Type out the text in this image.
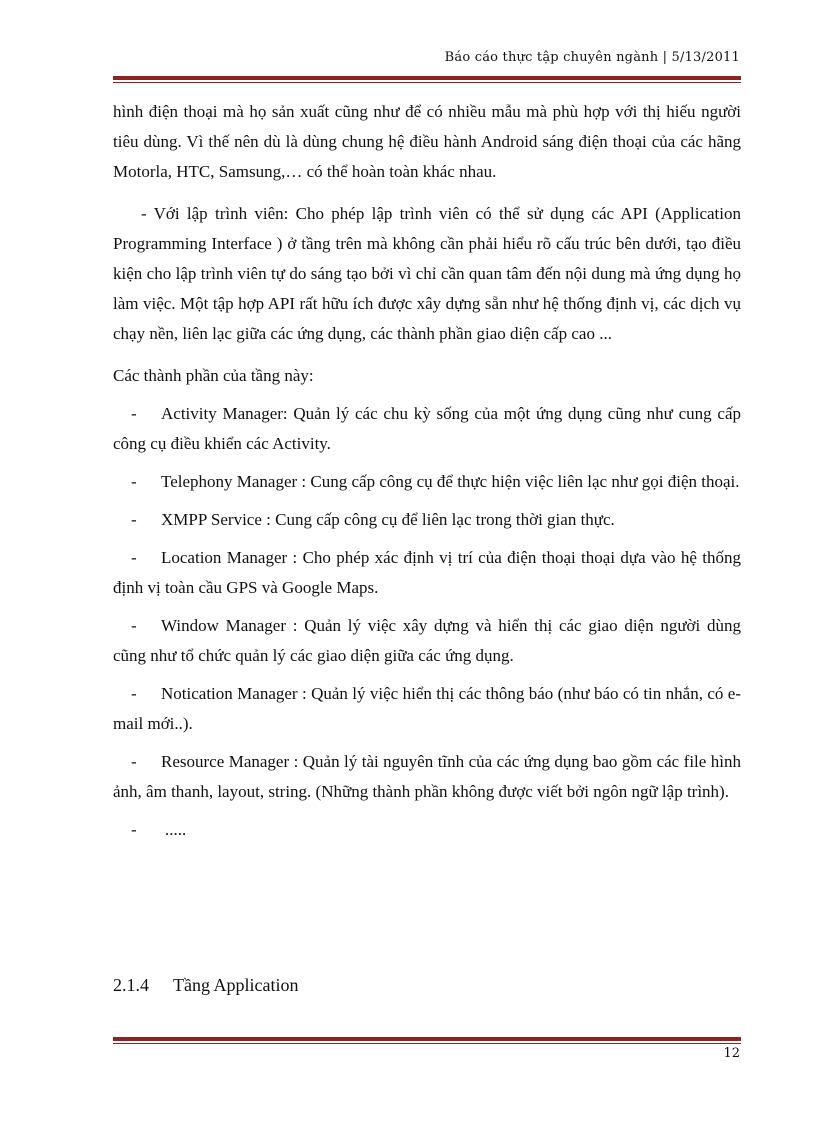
Báo cáo thực tập chuyên ngành | 5/13/2011

hình điện thoại mà họ sản xuất cũng như để có nhiều mẫu mà phù hợp với thị hiếu người tiêu dùng. Vì thế nên dù là dùng chung hệ điều hành Android sáng điện thoại của các hãng Motorla, HTC, Samsung,… có thể hoàn toàn khác nhau.

- Với lập trình viên: Cho phép lập trình viên có thể sử dụng các API (Application Programming Interface ) ở tầng trên mà không cần phải hiểu rõ cấu trúc bên dưới, tạo điều kiện cho lập trình viên tự do sáng tạo bởi vì chỉ cần quan tâm đến nội dung mà ứng dụng họ làm việc. Một tập hợp API rất hữu ích được xây dựng sẵn như hệ thống định vị, các dịch vụ chạy nền, liên lạc giữa các ứng dụng, các thành phần giao diện cấp cao ...

Các thành phần của tầng này:

- Activity Manager: Quản lý các chu kỳ sống của một ứng dụng cũng như cung cấp công cụ điều khiển các Activity.
- Telephony Manager : Cung cấp công cụ để thực hiện việc liên lạc như gọi điện thoại.
- XMPP Service : Cung cấp công cụ để liên lạc trong thời gian thực.
- Location Manager : Cho phép xác định vị trí của điện thoại thoại dựa vào hệ thống định vị toàn cầu GPS và Google Maps.
- Window Manager : Quản lý việc xây dựng và hiển thị các giao diện người dùng cũng như tổ chức quản lý các giao diện giữa các ứng dụng.
- Notication Manager : Quản lý việc hiển thị các thông báo (như báo có tin nhắn, có e-mail mới..).
- Resource Manager : Quản lý tài nguyên tĩnh của các ứng dụng bao gồm các file hình ảnh, âm thanh, layout, string. (Những thành phần không được viết bởi ngôn ngữ lập trình).
- .....
2.1.4 Tầng Application
12
